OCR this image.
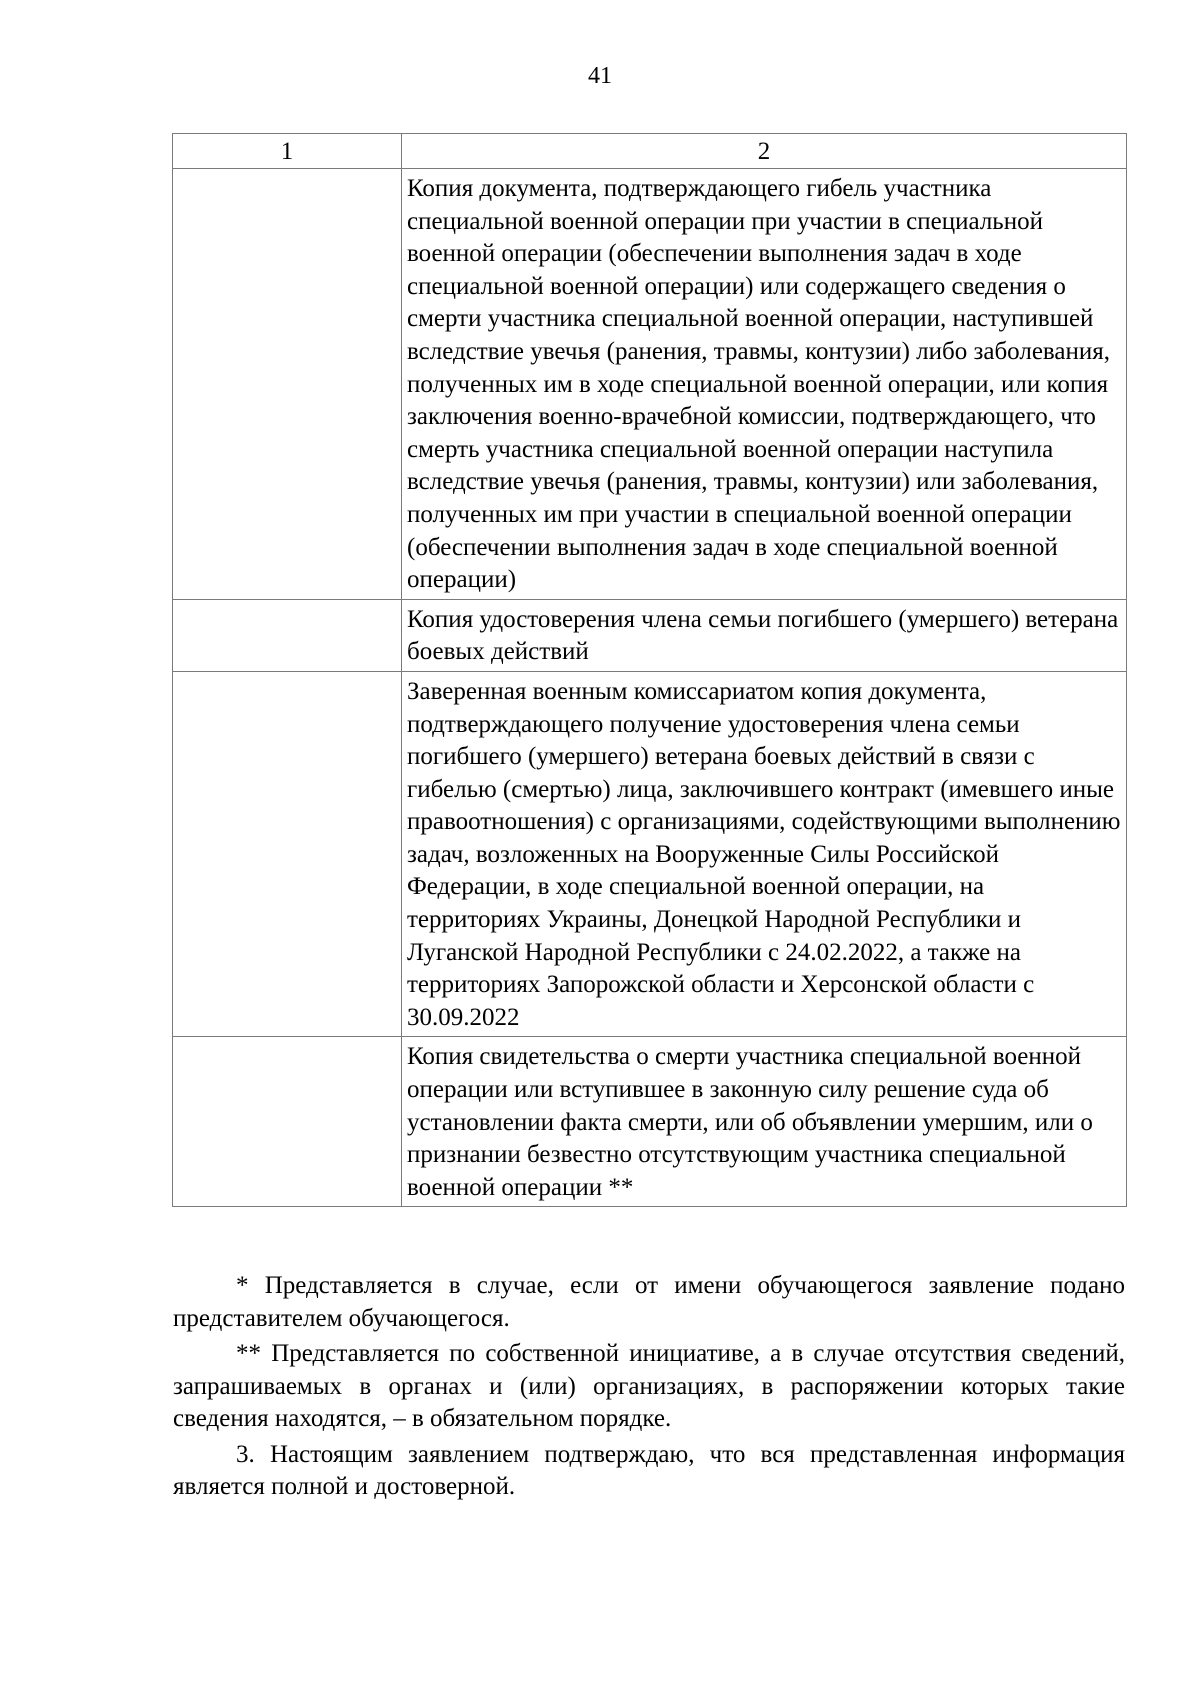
41
1	2
	Копия документа, подтверждающего гибель участника специальной военной операции при участии в специальной военной операции (обеспечении выполнения задач в ходе специальной военной операции) или содержащего сведения о смерти участника специальной военной операции, наступившей вследствие увечья (ранения, травмы, контузии) либо заболевания, полученных им в ходе специальной военной операции, или копия заключения военно-врачебной комиссии, подтверждающего, что смерть участника специальной военной операции наступила вследствие увечья (ранения, травмы, контузии) или заболевания, полученных им при участии в специальной военной операции (обеспечении выполнения задач в ходе специальной военной операции)
	Копия удостоверения члена семьи погибшего (умершего) ветерана боевых действий
	Заверенная военным комиссариатом копия документа, подтверждающего получение удостоверения члена семьи погибшего (умершего) ветерана боевых действий в связи с гибелью (смертью) лица, заключившего контракт (имевшего иные правоотношения) с организациями, содействующими выполнению задач, возложенных на Вооруженные Силы Российской Федерации, в ходе специальной военной операции, на территориях Украины, Донецкой Народной Республики и Луганской Народной Республики с 24.02.2022, а также на территориях Запорожской области и Херсонской области с 30.09.2022
	Копия свидетельства о смерти участника специальной военной операции или вступившее в законную силу решение суда об установлении факта смерти, или об объявлении умершим, или о признании безвестно отсутствующим участника специальной военной операции **

* Представляется в случае, если от имени обучающегося заявление подано представителем обучающегося.

** Представляется по собственной инициативе, а в случае отсутствия сведений, запрашиваемых в органах и (или) организациях, в распоряжении которых такие сведения находятся, – в обязательном порядке.

3. Настоящим заявлением подтверждаю, что вся представленная информация является полной и достоверной.
